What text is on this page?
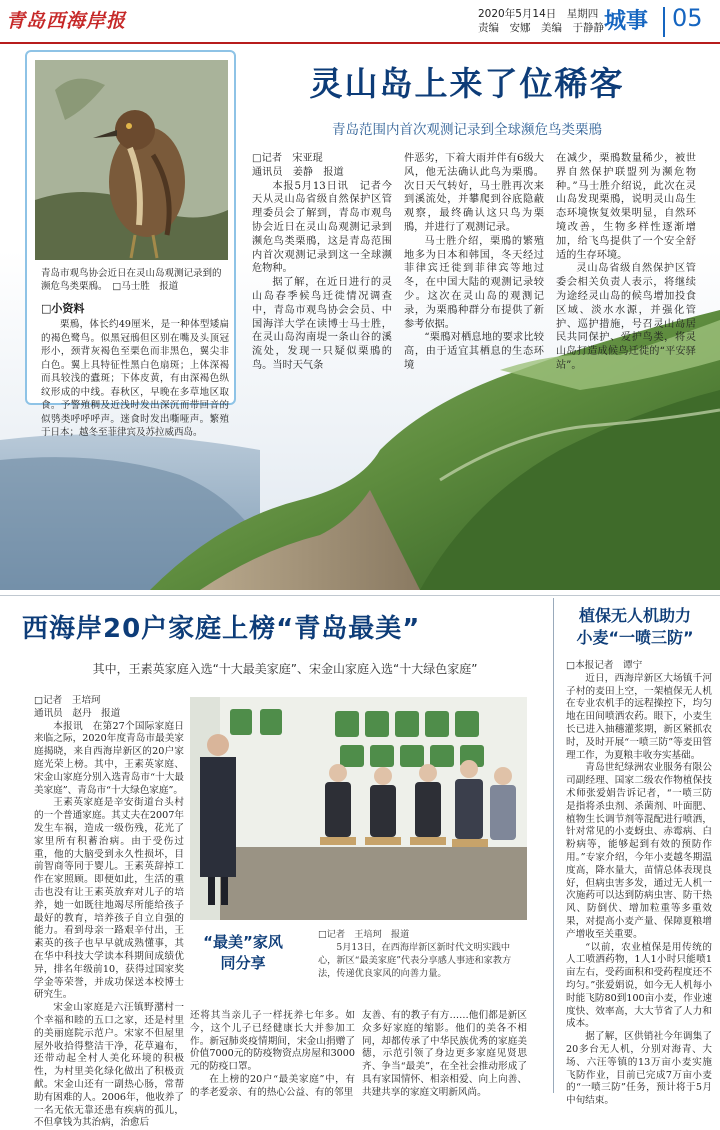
青岛西海岸报	2020年5月14日　 星期四
责编　安娜　美编　于静静 城事 05
青岛市观鸟协会近日在灵山岛观测记录到的濒危鸟类栗鳽。　□马士胜　报道
□小资料
栗鳽，体长约49厘米，是一种体型矮扁的褐色鹭鸟。似黑冠鳽但区别在嘴及头顶冠形小，颈背灰褐色至栗色而非黑色，翼尖非白色。翼上具特征性黑白色扇斑；上体深褐而具较浅的蠹斑；下体皮黄，有由深褐色纵纹形成的中线。春秋区，早晚在多草地区取食。予警殖稠及近浅时发出深沉而带回音的似鸮类呼呼呼声。迷食时发出嘶哑声。繁殖于日本；越冬至菲律宾及苏拉威西岛。
灵山岛上来了位稀客
青岛范围内首次观测记录到全球濒危鸟类栗鳽

□记者　宋亚琨

通讯员　姜静　报道

本报5月13日讯　记者今天从灵山岛省级自然保护区管理委员会了解到，青岛市观鸟协会近日在灵山岛观测记录到濒危鸟类栗鳽，这是青岛范围内首次观测记录到这一全球濒危物种。

据了解，在近日进行的灵山岛春季候鸟迁徙情况调查中，青岛市观鸟协会会员、中国海洋大学在读博士马士胜，在灵山岛沟南堤一条山谷的溪流处，发现一只疑似栗鳽的鸟。当时天气条

件恶劣，下着大雨并伴有6级大风，他无法确认此鸟为栗鳽。次日天气转好，马士胜再次来到溪流处，并攀爬到谷底隐蔽观察，最终确认这只鸟为栗鳽，并进行了观测记录。

马士胜介绍，栗鳽的繁殖地多为日本和韩国，冬天经过菲律宾迁徙到菲律宾等地过冬，在中国大陆的观测记录较少。这次在灵山岛的观测记录，为栗鳽种群分布提供了新参考依据。

“栗鳽对栖息地的要求比较高，由于适宜其栖息的生态环境

在减少，栗鳽数量稀少，被世界自然保护联盟列为濒危物种。”马士胜介绍说，此次在灵山岛发现栗鳽，说明灵山岛生态环境恢复效果明显，自然环境改善，生物多样性逐渐增加，给飞鸟提供了一个安全舒适的生存环境。

灵山岛省级自然保护区管委会相关负责人表示，将继续为途经灵山岛的候鸟增加投食区域、淡水水源，并强化管护、巡护措施，号召灵山岛居民共同保护、爱护鸟类，将灵山岛打造成候鸟迁徙的“平安驿站”。

西海岸20户家庭上榜“青岛最美”
其中，王素英家庭入选“十大最美家庭”、宋金山家庭入选“十大绿色家庭”

□记者　王培珂

通讯员　赵丹　报道

本报讯　在第27个国际家庭日来临之际，2020年度青岛市最美家庭揭晓，来自西海岸新区的20户家庭光荣上榜。其中，王素英家庭、宋金山家庭分别入选青岛市“十大最美家庭”、青岛市“十大绿色家庭”。

王素英家庭是辛安街道台头村的一个普通家庭。其丈夫在2007年发生车祸，造成一级伤残，花光了家里所有积蓄治病。由于受伤过重，他的大脑受到永久性损坏，目前智商等同于婴儿。王素英辞掉工作在家照顾。即便如此，生活的重击也没有让王素英放弃对儿子的培养，她一如既往地竭尽所能给孩子最好的教育，培养孩子自立自强的能力。看到母亲一路艰辛付出，王素英的孩子也早早就成熟懂事，其在华中科技大学读本科期间成绩优异，排名年级前10，获得过国家奖学金等荣誉，并成功保送本校博士研究生。

宋金山家庭是六汪镇野潴村一个幸福和睦的五口之家，还是村里的美丽庭院示范户。宋家不但屋里屋外收拾得整洁干净，花草遍布，还带动起全村人美化环境的积极性，为村里美化绿化做出了积极贡献。宋金山还有一副热心肠，常帮助有困难的人。2006年，他收养了一名无依无靠还患有疾病的孤儿，不但拿钱为其治病，治愈后

“最美”家风同分享
□记者　王培珂　报道
5月13日，在西海岸新区新时代文明实践中心，新区“最美家庭”代表分享感人事迹和家教方法，传递优良家风的向善力量。

还将其当亲儿子一样抚养七年多。如今，这个儿子已经健康长大并参加工作。新冠肺炎疫情期间，宋金山捐赠了价值7000元的防疫物资点房屋和3000元的防疫口罩。

在上榜的20户“最美家庭”中，有的孝老爱亲、有的热心公益、有的邻里

友善、有的教子有方……他们都是新区众多好家庭的缩影。他们的美各不相同，却都传承了中华民族优秀的家庭美德，示范引领了身边更多家庭见贤思齐、争当“最美”，在全社会推动形成了具有家国情怀、相亲相爱、向上向善、共建共享的家庭文明新风尚。

植保无人机助力
小麦“一喷三防”

□本报记者　谭宁

近日，西海岸新区大场镇千河子村的麦田上空，一架植保无人机在专业农机手的远程操控下，均匀地在田间喷洒农药。眼下，小麦生长已进入抽穗灌浆期，新区紧抓农时，及时开展“一喷三防”等麦田管理工作，为夏粮丰收夯实基础。

青岛世纪绿洲农业服务有限公司副经理、国家二级农作物植保技术师张爱娟告诉记者，“一喷三防是指将杀虫剂、杀菌剂、叶面肥、植物生长调节剂等混配进行喷洒，针对常见的小麦蚜虫、赤霉病、白粉病等，能够起到有效的预防作用。”专家介绍，今年小麦越冬期温度高，降水量大，苗情总体表现良好，但病虫害多发，通过无人机一次施药可以达到防病虫害、防干热风、防倒伏、增加粒重等多重效果，对提高小麦产量、保障夏粮增产增收至关重要。

“以前，农业植保是用传统的人工喷洒药物，1人1小时只能喷1亩左右，受药面积和受药程度还不均匀。”张爱娟说，如今无人机每小时能飞防80到100亩小麦，作业速度快、效率高，大大节省了人力和成本。

据了解，区供销社今年调集了20多台无人机，分别对海青、大场、六汪等镇的13万亩小麦实施飞防作业，目前已完成7万亩小麦的“一喷三防”任务，预计将于5月中旬结束。
